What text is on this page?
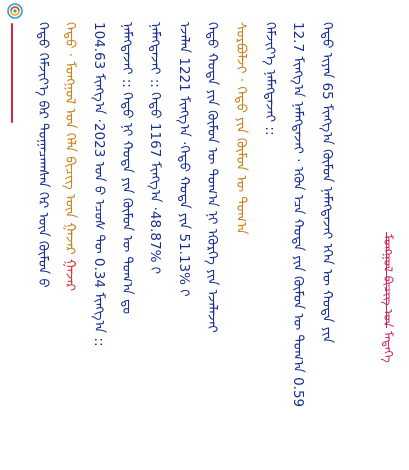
ᠬᠡᠳᠦ ᠬᠡᠮᠵᠢᠶ᠎ᠡ ᠪᠡᠷ ᠲᠤᠭᠠᠴᠠᠭᠰᠠᠨ ᠭᠡᠷ ᠦᠨ ᠬᠦᠮᠦᠨ ᠤ᠋ ᠬᠡᠳᠦ · ᠮᠣᠩᠭᠣᠯ ᠤᠨ ᠬᠡᠯᠡ ᠪᠢᠴᠢᠭ ᠦᠨ ᠭᠠᠵᠠᠷ ᠭᠠᠵᠠᠷ 104.63 ᠮᠢᠩᠭ᠎ᠠ ·2023 ᠣᠨ ᠤ᠋ ᠡᠴᠦᠰ ᠲᠦ 0.34 ᠮᠢᠩᠭ᠎ᠠ :: ᠨᠡᠮᠡᠭᠳᠡᠵᠡᠢ :: ᠬᠡᠳᠦ ᠨᠢ ᠬᠣᠲᠠ ᠶᠢᠨ ᠬᠦᠮᠦᠨ ᠦ ᠲᠣᠭ᠎ᠠ ᠳᠤ ᠨᠡᠮᠡᠭᠳᠡᠵᠡᠢ :: ᠬᠡᠳᠦ 1167 ᠮᠢᠩᠭ᠎ᠠ ·48.87% ᠢ᠋ ᠡᠵᠡᠯᠡᠨ 1221 ᠮᠢᠩᠭ᠎ᠠ ·ᠬᠡᠳᠦ ᠬᠣᠲᠠ ᠶᠢᠨ 51.13% ᠢ᠋ ᠬᠡᠳᠦ ᠬᠣᠲᠠ ᠶᠢᠨ ᠬᠦᠮᠦᠨ ᠦ ᠲᠣᠭ᠎ᠠ ᠨᠢ ᠡᠭᠦᠷᠭᠡ ᠶᠢᠨ ᠡᠵᠡᠯᠡᠵᠡᠢ ᠰᠤᠷᠪᠤᠯᠵᠢ · ᠬᠡᠳᠦ ᠶᠢᠨ ᠬᠦᠮᠦᠨ ᠦ ᠲᠣᠭ᠎ᠠ
ᠬᠡᠮᠵᠢᠶ᠎ᠡ ᠨᠡᠮᠡᠭᠳᠡᠵᠡᠢ :: 12.7 ᠮᠢᠩᠭ᠎ᠠ ᠨᠡᠮᠡᠭᠳᠡᠵᠡᠢ · ᠡᠭᠦᠨ ᠡᠴᠡ ᠬᠣᠲᠠ ᠶᠢᠨ ᠬᠦᠮᠦᠨ ᠦ ᠲᠣᠭ᠎ᠠ 0.59 ᠬᠡᠳᠦ ᠢᠶᠡᠨ 65 ᠮᠢᠩᠭ᠎ᠠ ᠬᠦᠮᠦᠨ ᠨᠡᠮᠡᠭᠳᠡᠵᠡᠢ ᠡᠬᠡᠨ ᠦ ᠬᠣᠲᠠ ᠶᠢᠨ	ᠮᠤᠩᠭᠤᠯ ᠪᠢᠴᠢᠭ ᠤᠨ ᠮᠡᠳᠡᠭᠡ
